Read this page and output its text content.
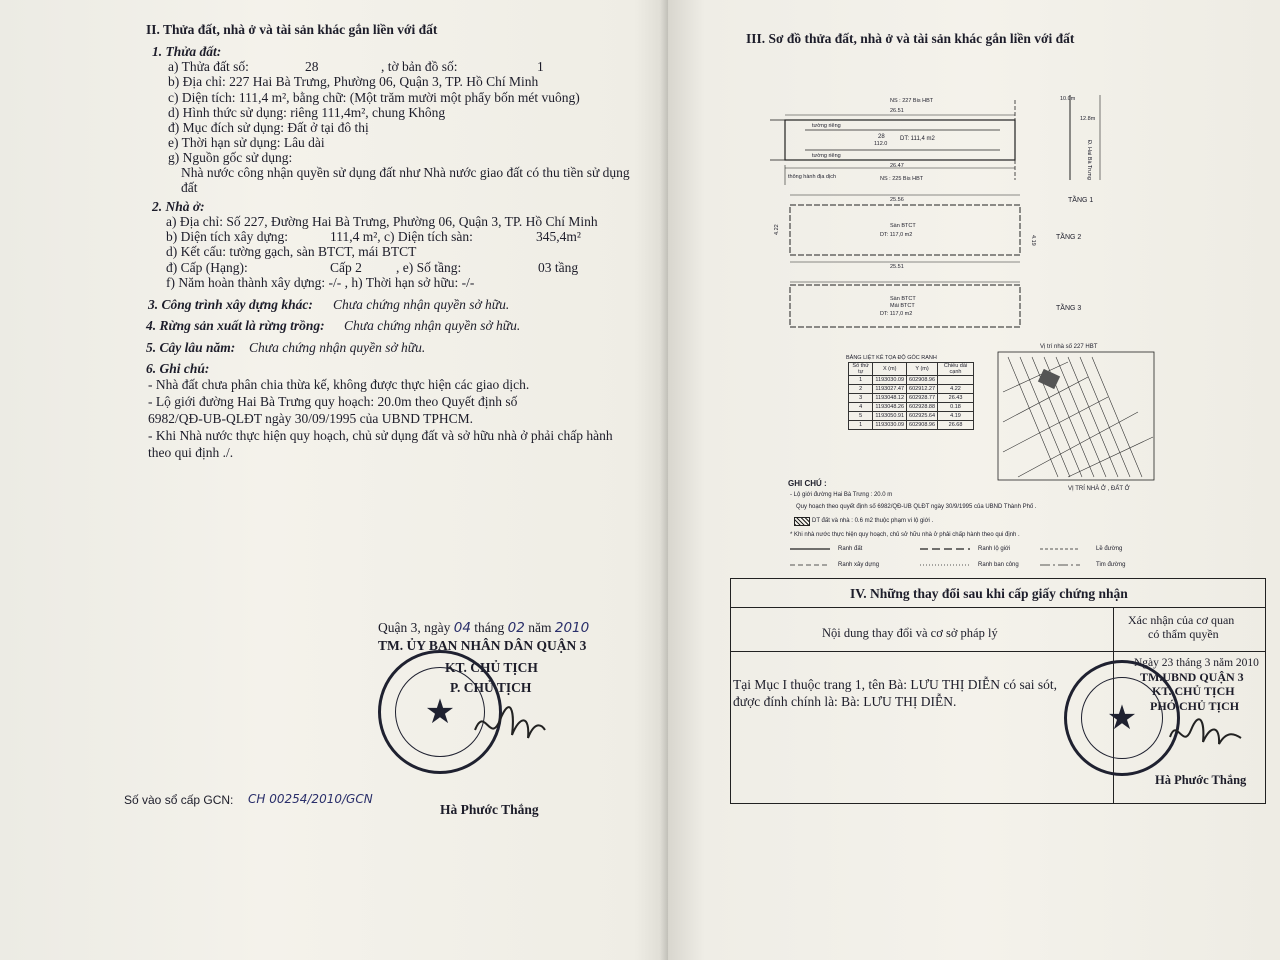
II. Thửa đất, nhà ở và tài sản khác gắn liền với đất
1. Thửa đất:
a) Thửa đất số:	28	, tờ bản đồ số:	1
b) Địa chỉ: 227 Hai Bà Trưng, Phường 06, Quận 3, TP. Hồ Chí Minh
c) Diện tích: 111,4 m², bằng chữ: (Một trăm mười một phẩy bốn mét vuông)
d) Hình thức sử dụng: riêng 111,4m², chung Không
đ) Mục đích sử dụng: Đất ở tại đô thị
e) Thời hạn sử dụng: Lâu dài
g) Nguồn gốc sử dụng:
Nhà nước công nhận quyền sử dụng đất như Nhà nước giao đất có thu tiền sử dụng
đất
2. Nhà ở:
a) Địa chỉ: Số 227, Đường Hai Bà Trưng, Phường 06, Quận 3, TP. Hồ Chí Minh
b) Diện tích xây dựng:	111,4 m², c) Diện tích sàn:	345,4m²
d) Kết cấu: tường gạch, sàn BTCT, mái BTCT
đ) Cấp (Hạng):	Cấp 2	, e) Số tầng:	03 tầng
f) Năm hoàn thành xây dựng: -/- , h) Thời hạn sở hữu: -/-
3. Công trình xây dựng khác: Chưa chứng nhận quyền sở hữu.
4. Rừng sản xuất là rừng trồng: Chưa chứng nhận quyền sở hữu.
5. Cây lâu năm: Chưa chứng nhận quyền sở hữu.
6. Ghi chú:
- Nhà đất chưa phân chia thừa kế, không được thực hiện các giao dịch.
- Lộ giới đường Hai Bà Trưng quy hoạch: 20.0m theo Quyết định số
6982/QĐ-UB-QLĐT ngày 30/09/1995 của UBND TPHCM.
- Khi Nhà nước thực hiện quy hoạch, chủ sử dụng đất và sở hữu nhà ở phải chấp hành
theo qui định ./.
Quận 3, ngày 04 tháng 02 năm 2010
TM. ỦY BAN NHÂN DÂN QUẬN 3
KT. CHỦ TỊCH
P. CHỦ TỊCH
★
Hà Phước Thắng
Số vào sổ cấp GCN: CH 00254/2010/GCN
III. Sơ đồ thửa đất, nhà ở và tài sản khác gắn liền với đất
NS : 227 Bis HBT
26.51
tường riêng
tường riêng
28
112.0
DT: 111,4 m2
26.47
NS : 225 Bis HBT
thông hành địa dịch
10.0m
12.8m
Đ. Hai Bà Trưng
25.56
4.22
4.19
Sàn BTCT
DT: 117,0 m2
25.51
TẦNG 1
TẦNG 2
Sàn BTCT
Mái BTCT
DT: 117,0 m2
TẦNG 3
BẢNG LIỆT KÊ TỌA ĐỘ GÓC RANH
Số thứ tự	X (m)	Y (m)	Chiều dài cạnh
1	1193030.09	602908.96	
2	1193027.47	602912.27	4.22
3	1193048.12	602928.77	26.43
4	1193048.26	602928.88	0.18
5	1193050.91	602925.64	4.19
1	1193030.09	602908.96	26.68
Vị trí nhà số 227 HBT
VỊ TRÍ NHÀ Ở , ĐẤT Ở
GHI CHÚ :
- Lộ giới đường Hai Bà Trưng : 20.0 m
Quy hoạch theo quyết định số 6982/QĐ-UB QLĐT ngày 30/9/1995 của UBND Thành Phố .
DT đất và nhà : 0.6 m2 thuộc phạm vi lộ giới .
* Khi nhà nước thực hiện quy hoạch, chủ sở hữu nhà ở phải chấp hành theo qui định .
Ranh đất	Ranh lộ giới	Lề đường
Ranh xây dựng	Ranh ban công	Tim đường
IV. Những thay đổi sau khi cấp giấy chứng nhận
Nội dung thay đổi và cơ sở pháp lý
Xác nhận của cơ quan
có thẩm quyền
Tại Mục I thuộc trang 1, tên Bà: LƯU THỊ DIỄN có sai sót,
được đính chính là: Bà: LƯU THỊ DIỄN.
Ngày 23 tháng 3 năm 2010
TM.UBND QUẬN 3
KT. CHỦ TỊCH
PHÓ CHỦ TỊCH
★
Hà Phước Thắng
